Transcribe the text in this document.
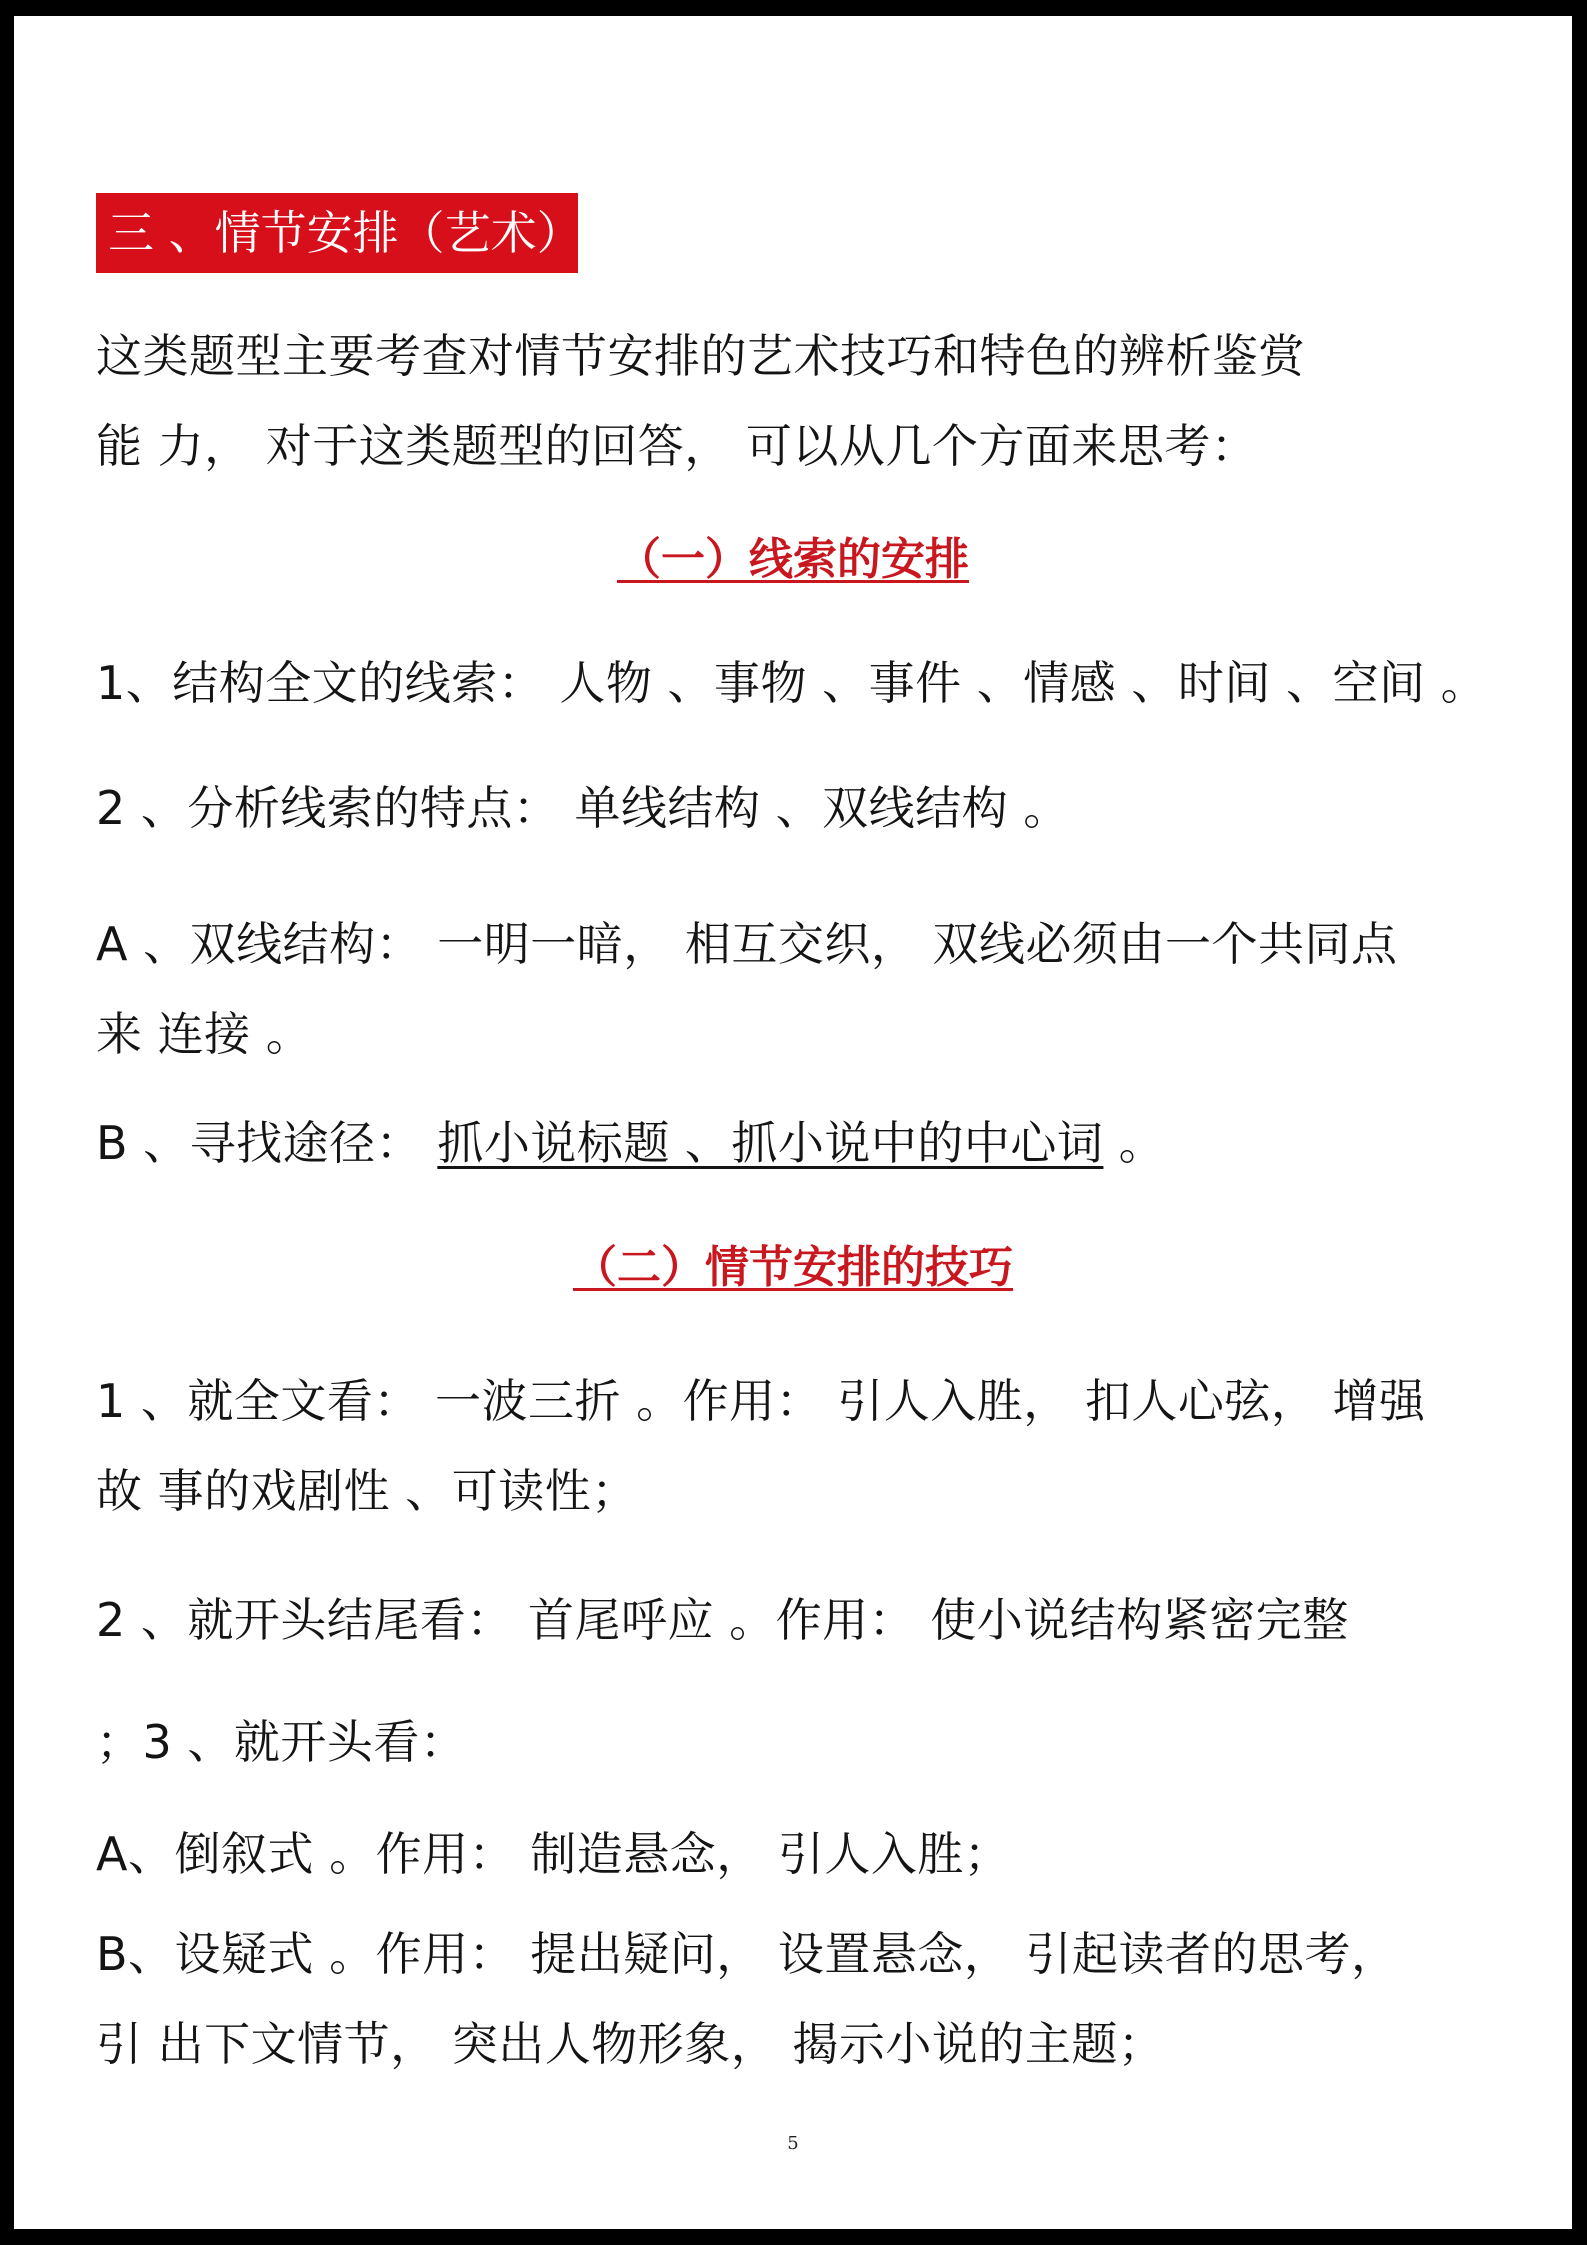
三 、情节安排（艺术）

这类题型主要考查对情节安排的艺术技巧和特色的辨析鉴赏

能 力， 对于这类题型的回答， 可以从几个方面来思考：

（一）线索的安排

1、结构全文的线索： 人物 、事物 、事件 、情感 、时间 、空间 。

2 、分析线索的特点： 单线结构 、双线结构 。

A 、双线结构： 一明一暗， 相互交织， 双线必须由一个共同点

来 连接 。

B 、寻找途径： 抓小说标题 、抓小说中的中心词 。

（二）情节安排的技巧

1 、就全文看： 一波三折 。作用： 引人入胜， 扣人心弦， 增强

故 事的戏剧性 、可读性；

2 、就开头结尾看： 首尾呼应 。作用： 使小说结构紧密完整

；3 、就开头看：

A、倒叙式 。作用： 制造悬念， 引人入胜；

B、设疑式 。作用： 提出疑问， 设置悬念， 引起读者的思考，

引 出下文情节， 突出人物形象， 揭示小说的主题；

5
